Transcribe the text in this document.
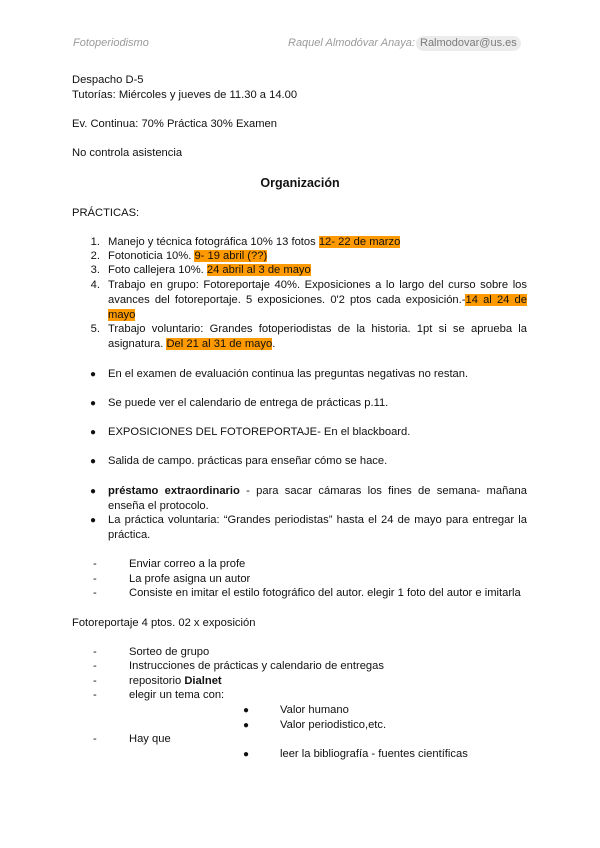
Fotoperiodismo	Raquel Almodóvar Anaya: Ralmodovar@us.es
Despacho D-5
Tutorías: Miércoles y jueves de 11.30 a 14.00
Ev. Continua: 70% Práctica 30% Examen
No controla asistencia
Organización
PRÁCTICAS:
1. Manejo y técnica fotográfica 10% 13 fotos 12- 22 de marzo
2. Fotonoticia 10%. 9- 19 abril (??)
3. Foto callejera 10%. 24 abril al 3 de mayo
4. Trabajo en grupo: Fotoreportaje 40%. Exposiciones a lo largo del curso sobre los avances del fotoreportaje. 5 exposiciones. 0'2 ptos cada exposición.-14 al 24 de mayo
5. Trabajo voluntario: Grandes fotoperiodistas de la historia. 1pt si se aprueba la asignatura. Del 21 al 31 de mayo.
● En el examen de evaluación continua las preguntas negativas no restan.
● Se puede ver el calendario de entrega de prácticas p.11.
● EXPOSICIONES DEL FOTOREPORTAJE- En el blackboard.
● Salida de campo. prácticas para enseñar cómo se hace.
● préstamo extraordinario - para sacar cámaras los fines de semana- mañana enseña el protocolo.
● La práctica voluntaria: “Grandes periodistas” hasta el 24 de mayo para entregar la práctica.
-	Enviar correo a la profe
-	La profe asigna un autor
-	Consiste en imitar el estilo fotográfico del autor. elegir 1 foto del autor e imitarla
Fotoreportaje 4 ptos. 02 x exposición
-	Sorteo de grupo
-	Instrucciones de prácticas y calendario de entregas
-	repositorio Dialnet
-	elegir un tema con:
●	Valor humano
●	Valor periodistico,etc.
-	Hay que
●	leer la bibliografía - fuentes científicas
